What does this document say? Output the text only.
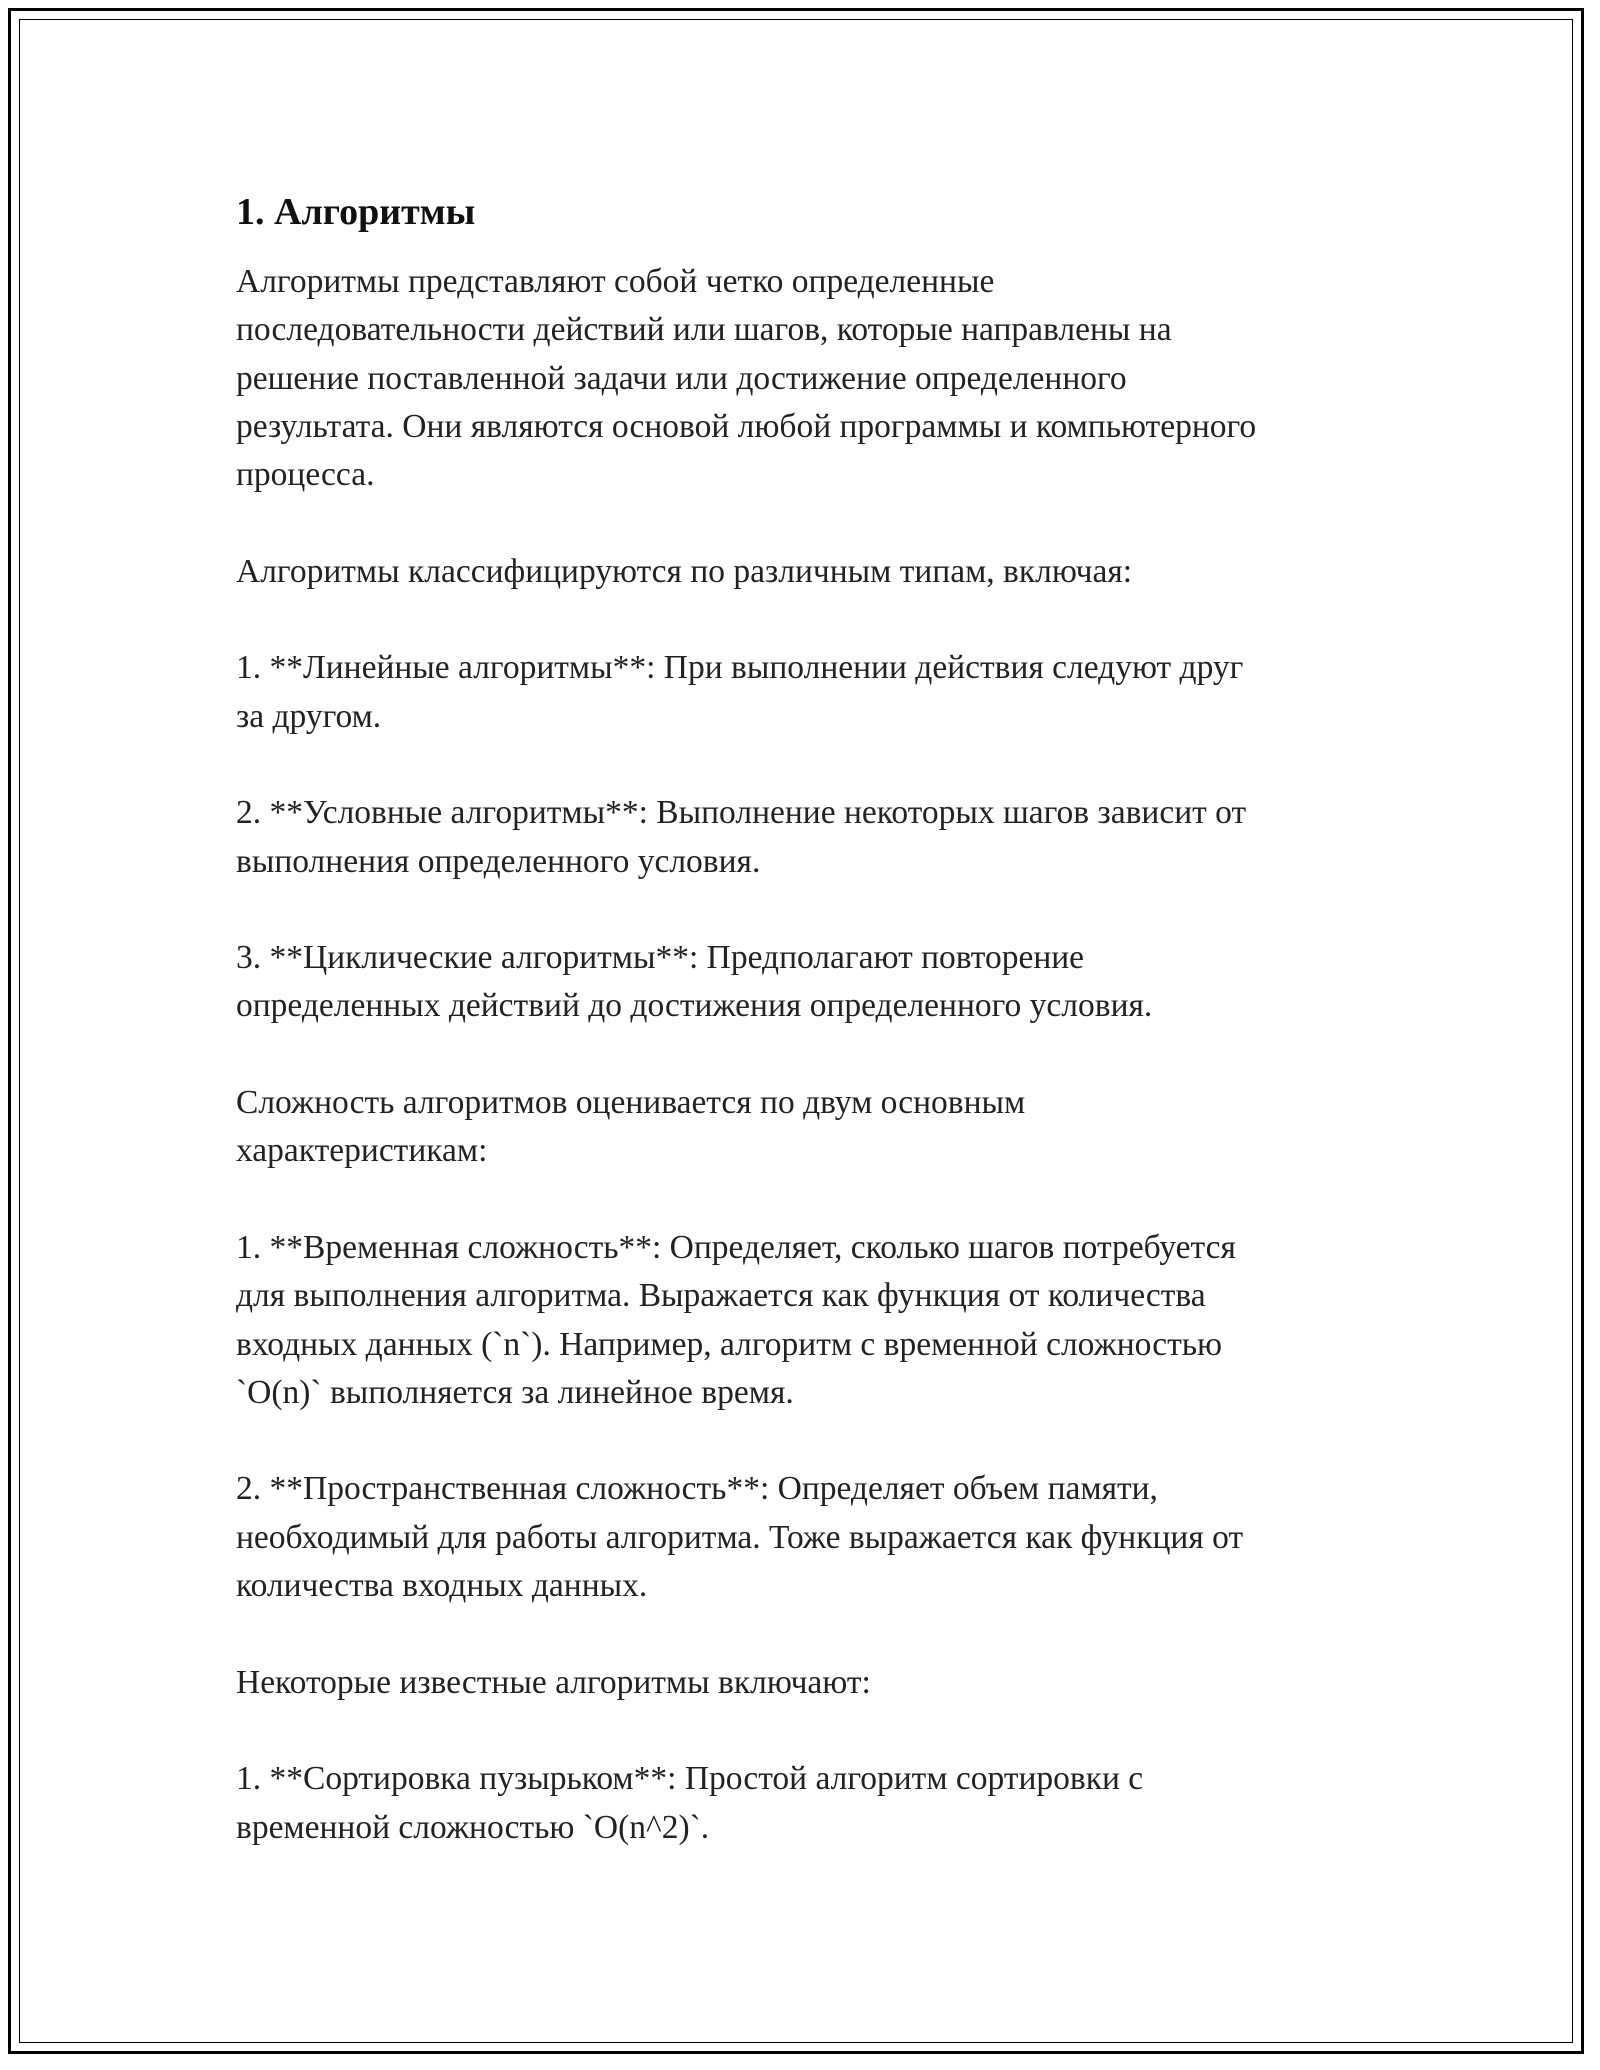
1. Алгоритмы
Алгоритмы представляют собой четко определенные
последовательности действий или шагов, которые направлены на
решение поставленной задачи или достижение определенного
результата. Они являются основой любой программы и компьютерного
процесса.
Алгоритмы классифицируются по различным типам, включая:
1. **Линейные алгоритмы**: При выполнении действия следуют друг
за другом.
2. **Условные алгоритмы**: Выполнение некоторых шагов зависит от
выполнения определенного условия.
3. **Циклические алгоритмы**: Предполагают повторение
определенных действий до достижения определенного условия.
Сложность алгоритмов оценивается по двум основным
характеристикам:
1. **Временная сложность**: Определяет, сколько шагов потребуется
для выполнения алгоритма. Выражается как функция от количества
входных данных (`n`). Например, алгоритм с временной сложностью
`O(n)` выполняется за линейное время.
2. **Пространственная сложность**: Определяет объем памяти,
необходимый для работы алгоритма. Тоже выражается как функция от
количества входных данных.
Некоторые известные алгоритмы включают:
1. **Сортировка пузырьком**: Простой алгоритм сортировки с
временной сложностью `O(n^2)`.
